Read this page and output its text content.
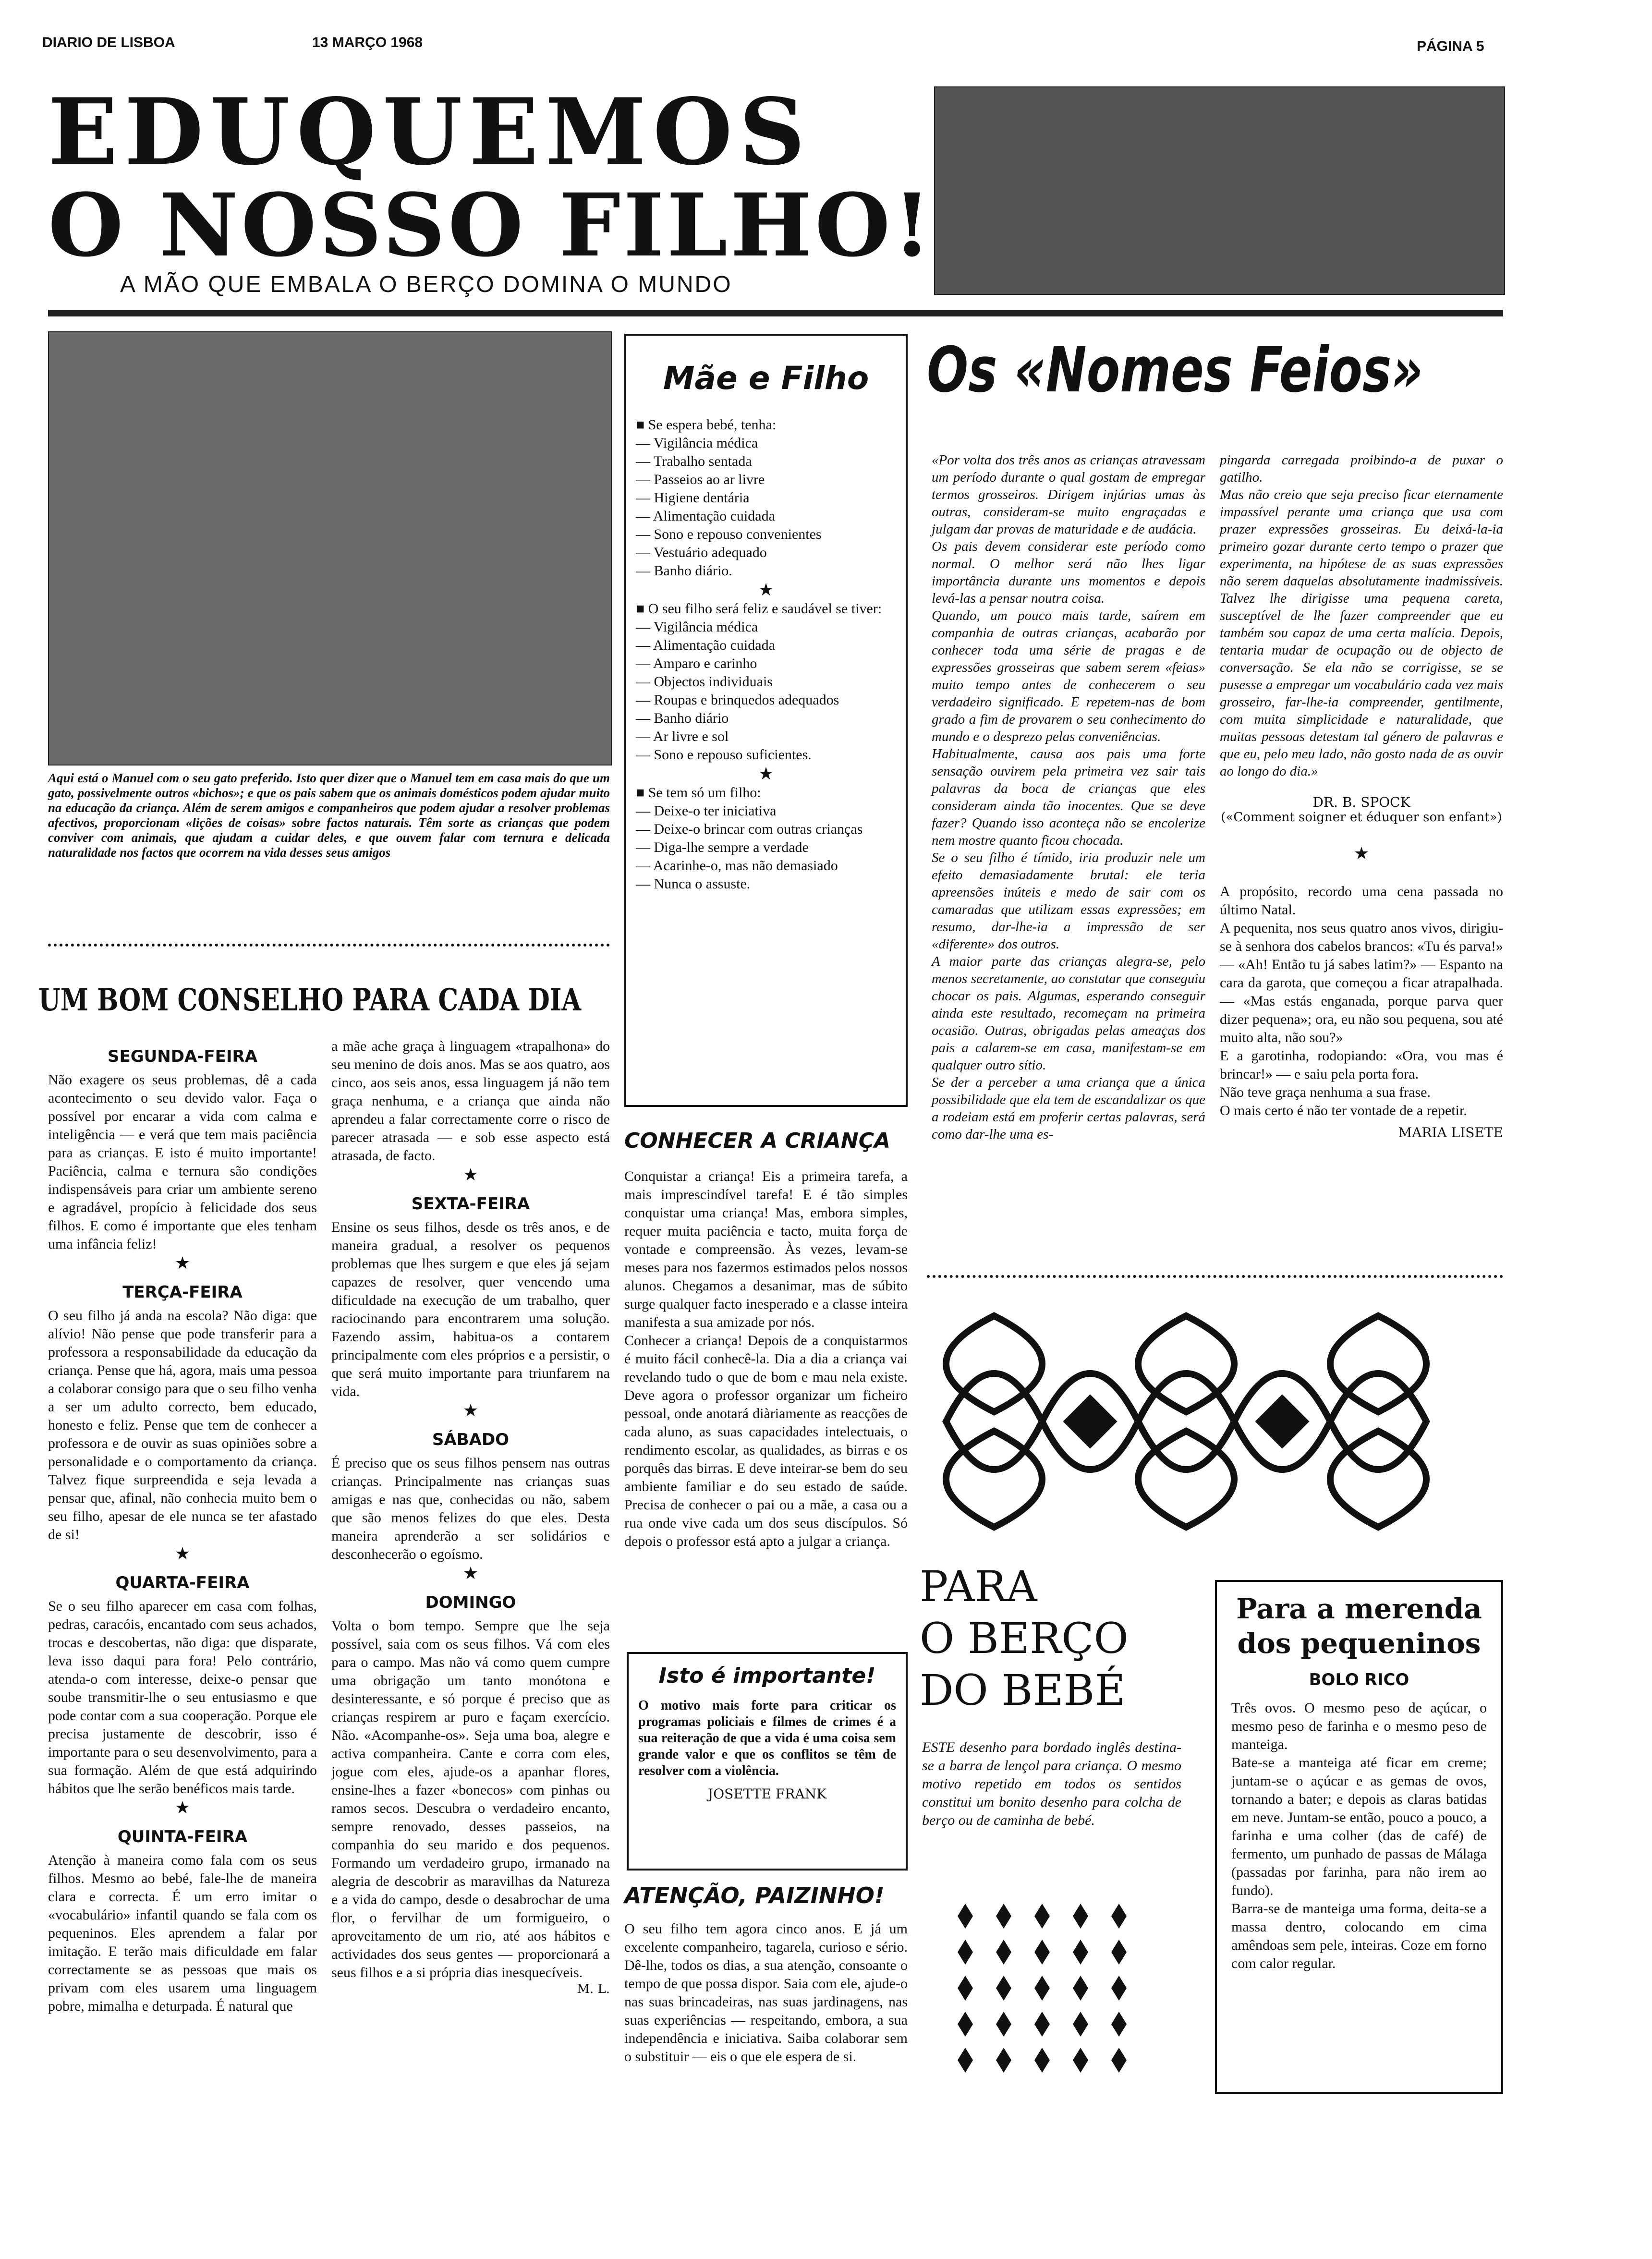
DIARIO DE LISBOA	13 MARÇO 1968	PÁGINA 5
EDUQUEMOS
O NOSSO FILHO!
A MÃO QUE EMBALA O BERÇO DOMINA O MUNDO
Aqui está o Manuel com o seu gato preferido. Isto quer dizer que o Manuel tem em casa mais do que um gato, possivelmente outros «bichos»; e que os pais sabem que os animais domésticos podem ajudar muito na educação da criança. Além de serem amigos e companheiros que podem ajudar a resolver problemas afectivos, proporcionam «lições de coisas» sobre factos naturais. Têm sorte as crianças que podem conviver com animais, que ajudam a cuidar deles, e que ouvem falar com ternura e delicada naturalidade nos factos que ocorrem na vida desses seus amigos
UM BOM CONSELHO PARA CADA DIA
SEGUNDA-FEIRA
Não exagere os seus problemas, dê a cada acontecimento o seu devido valor. Faça o possível por encarar a vida com calma e inteligência — e verá que tem mais paciência para as crianças. E isto é muito importante! Paciência, calma e ternura são condições indispensáveis para criar um ambiente sereno e agradável, propício à felicidade dos seus filhos. E como é importante que eles tenham uma infância feliz!
★
TERÇA-FEIRA
O seu filho já anda na escola? Não diga: que alívio! Não pense que pode transferir para a professora a responsabilidade da educação da criança. Pense que há, agora, mais uma pessoa a colaborar consigo para que o seu filho venha a ser um adulto correcto, bem educado, honesto e feliz. Pense que tem de conhecer a professora e de ouvir as suas opiniões sobre a personalidade e o comportamento da criança. Talvez fique surpreendida e seja levada a pensar que, afinal, não conhecia muito bem o seu filho, apesar de ele nunca se ter afastado de si!
★
QUARTA-FEIRA
Se o seu filho aparecer em casa com folhas, pedras, caracóis, encantado com seus achados, trocas e descobertas, não diga: que disparate, leva isso daqui para fora! Pelo contrário, atenda-o com interesse, deixe-o pensar que soube transmitir-lhe o seu entusiasmo e que pode contar com a sua cooperação. Porque ele precisa justamente de descobrir, isso é importante para o seu desenvolvimento, para a sua formação. Além de que está adquirindo hábitos que lhe serão benéficos mais tarde.
★
QUINTA-FEIRA
Atenção à maneira como fala com os seus filhos. Mesmo ao bebé, fale-lhe de maneira clara e correcta. É um erro imitar o «vocabulário» infantil quando se fala com os pequeninos. Eles aprendem a falar por imitação. E terão mais dificuldade em falar correctamente se as pessoas que mais os privam com eles usarem uma linguagem pobre, mimalha e deturpada. É natural que
a mãe ache graça à linguagem «trapalhona» do seu menino de dois anos. Mas se aos quatro, aos cinco, aos seis anos, essa linguagem já não tem graça nenhuma, e a criança que ainda não aprendeu a falar correctamente corre o risco de parecer atrasada — e sob esse aspecto está atrasada, de facto.
★
SEXTA-FEIRA
Ensine os seus filhos, desde os três anos, e de maneira gradual, a resolver os pequenos problemas que lhes surgem e que eles já sejam capazes de resolver, quer vencendo uma dificuldade na execução de um trabalho, quer raciocinando para encontrarem uma solução. Fazendo assim, habitua-os a contarem principalmente com eles próprios e a persistir, o que será muito importante para triunfarem na vida.
★
SÁBADO
É preciso que os seus filhos pensem nas outras crianças. Principalmente nas crianças suas amigas e nas que, conhecidas ou não, sabem que são menos felizes do que eles. Desta maneira aprenderão a ser solidários e desconhecerão o egoísmo.
★
DOMINGO
Volta o bom tempo. Sempre que lhe seja possível, saia com os seus filhos. Vá com eles para o campo. Mas não vá como quem cumpre uma obrigação um tanto monótona e desinteressante, e só porque é preciso que as crianças respirem ar puro e façam exercício. Não. «Acompanhe-os». Seja uma boa, alegre e activa companheira. Cante e corra com eles, jogue com eles, ajude-os a apanhar flores, ensine-lhes a fazer «bonecos» com pinhas ou ramos secos. Descubra o verdadeiro encanto, sempre renovado, desses passeios, na companhia do seu marido e dos pequenos. Formando um verdadeiro grupo, irmanado na alegria de descobrir as maravilhas da Natureza e a vida do campo, desde o desabrochar de uma flor, o fervilhar de um formigueiro, o aproveitamento de um rio, até aos hábitos e actividades dos seus gentes — proporcionará a seus filhos e a si própria dias inesquecíveis.
M. L.
Mãe e Filho
■ Se espera bebé, tenha:
— Vigilância médica
— Trabalho sentada
— Passeios ao ar livre
— Higiene dentária
— Alimentação cuidada
— Sono e repouso convenientes
— Vestuário adequado
— Banho diário.
★
■ O seu filho será feliz e saudável se tiver:
— Vigilância médica
— Alimentação cuidada
— Amparo e carinho
— Objectos individuais
— Roupas e brinquedos adequados
— Banho diário
— Ar livre e sol
— Sono e repouso suficientes.
★
■ Se tem só um filho:
— Deixe-o ter iniciativa
— Deixe-o brincar com outras crianças
— Diga-lhe sempre a verdade
— Acarinhe-o, mas não demasiado
— Nunca o assuste.
CONHECER A CRIANÇA
Conquistar a criança! Eis a primeira tarefa, a mais imprescindível tarefa! E é tão simples conquistar uma criança! Mas, embora simples, requer muita paciência e tacto, muita força de vontade e compreensão. Às vezes, levam-se meses para nos fazermos estimados pelos nossos alunos. Chegamos a desanimar, mas de súbito surge qualquer facto inesperado e a classe inteira manifesta a sua amizade por nós.
Conhecer a criança! Depois de a conquistarmos é muito fácil conhecê-la. Dia a dia a criança vai revelando tudo o que de bom e mau nela existe. Deve agora o professor organizar um ficheiro pessoal, onde anotará diàriamente as reacções de cada aluno, as suas capacidades intelectuais, o rendimento escolar, as qualidades, as birras e os porquês das birras. E deve inteirar-se bem do seu ambiente familiar e do seu estado de saúde. Precisa de conhecer o pai ou a mãe, a casa ou a rua onde vive cada um dos seus discípulos. Só depois o professor está apto a julgar a criança.
Isto é importante!
O motivo mais forte para criticar os programas policiais e filmes de crimes é a sua reiteração de que a vida é uma coisa sem grande valor e que os conflitos se têm de resolver com a violência.
JOSETTE FRANK
ATENÇÃO, PAIZINHO!
O seu filho tem agora cinco anos. E já um excelente companheiro, tagarela, curioso e sério. Dê-lhe, todos os dias, a sua atenção, consoante o tempo de que possa dispor. Saia com ele, ajude-o nas suas brincadeiras, nas suas jardinagens, nas suas experiências — respeitando, embora, a sua independência e iniciativa. Saiba colaborar sem o substituir — eis o que ele espera de si.
Os «Nomes Feios»
«Por volta dos três anos as crianças atravessam um período durante o qual gostam de empregar termos grosseiros. Dirigem injúrias umas às outras, consideram-se muito engraçadas e julgam dar provas de maturidade e de audácia.
Os pais devem considerar este período como normal. O melhor será não lhes ligar importância durante uns momentos e depois levá-las a pensar noutra coisa.
Quando, um pouco mais tarde, saírem em companhia de outras crianças, acabarão por conhecer toda uma série de pragas e de expressões grosseiras que sabem serem «feias» muito tempo antes de conhecerem o seu verdadeiro significado. E repetem-nas de bom grado a fim de provarem o seu conhecimento do mundo e o desprezo pelas conveniências.
Habitualmente, causa aos pais uma forte sensação ouvirem pela primeira vez sair tais palavras da boca de crianças que eles consideram ainda tão inocentes. Que se deve fazer? Quando isso aconteça não se encolerize nem mostre quanto ficou chocada.
Se o seu filho é tímido, iria produzir nele um efeito demasiadamente brutal: ele teria apreensões inúteis e medo de sair com os camaradas que utilizam essas expressões; em resumo, dar-lhe-ia a impressão de ser «diferente» dos outros.
A maior parte das crianças alegra-se, pelo menos secretamente, ao constatar que conseguiu chocar os pais. Algumas, esperando conseguir ainda este resultado, recomeçam na primeira ocasião. Outras, obrigadas pelas ameaças dos pais a calarem-se em casa, manifestam-se em qualquer outro sítio.
Se der a perceber a uma criança que a única possibilidade que ela tem de escandalizar os que a rodeiam está em proferir certas palavras, será como dar-lhe uma es-
pingarda carregada proibindo-a de puxar o gatilho.
Mas não creio que seja preciso ficar eternamente impassível perante uma criança que usa com prazer expressões grosseiras. Eu deixá-la-ia primeiro gozar durante certo tempo o prazer que experimenta, na hipótese de as suas expressões não serem daquelas absolutamente inadmissíveis. Talvez lhe dirigisse uma pequena careta, susceptível de lhe fazer compreender que eu também sou capaz de uma certa malícia. Depois, tentaria mudar de ocupação ou de objecto de conversação. Se ela não se corrigisse, se se pusesse a empregar um vocabulário cada vez mais grosseiro, far-lhe-ia compreender, gentilmente, com muita simplicidade e naturalidade, que muitas pessoas detestam tal género de palavras e que eu, pelo meu lado, não gosto nada de as ouvir ao longo do dia.»
DR. B. SPOCK
(«Comment soigner et éduquer son enfant»)
★
A propósito, recordo uma cena passada no último Natal.
A pequenita, nos seus quatro anos vivos, dirigiu-se à senhora dos cabelos brancos: «Tu és parva!» — «Ah! Então tu já sabes latim?» — Espanto na cara da garota, que começou a ficar atrapalhada. — «Mas estás enganada, porque parva quer dizer pequena»; ora, eu não sou pequena, sou até muito alta, não sou?»
E a garotinha, rodopiando: «Ora, vou mas é brincar!» — e saiu pela porta fora.
Não teve graça nenhuma a sua frase.
O mais certo é não ter vontade de a repetir.
MARIA LISETE
PARA
O BERÇO
DO BEBÉ
ESTE desenho para bordado inglês destina-se a barra de lençol para criança. O mesmo motivo repetido em todos os sentidos constitui um bonito desenho para colcha de berço ou de caminha de bebé.
Para a merenda
dos pequeninos
BOLO RICO
Três ovos. O mesmo peso de açúcar, o mesmo peso de farinha e o mesmo peso de manteiga.
Bate-se a manteiga até ficar em creme; juntam-se o açúcar e as gemas de ovos, tornando a bater; e depois as claras batidas em neve. Juntam-se então, pouco a pouco, a farinha e uma colher (das de café) de fermento, um punhado de passas de Málaga (passadas por farinha, para não irem ao fundo).
Barra-se de manteiga uma forma, deita-se a massa dentro, colocando em cima amêndoas sem pele, inteiras. Coze em forno com calor regular.
